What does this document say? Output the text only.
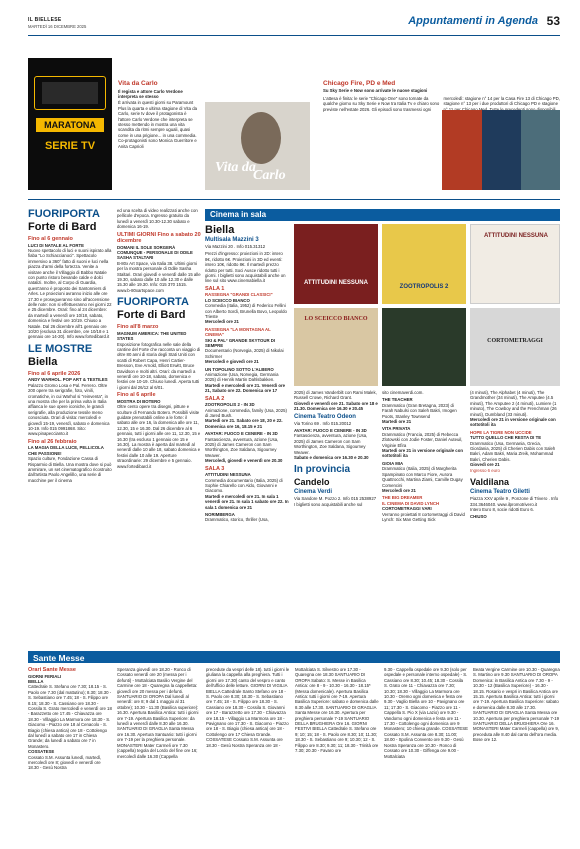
IL BIELLESE
MARTEDÌ 16 DICEMBRE 2025	Appuntamenti in Agenda 53
MARATONA
SERIE TV
Vita da Carlo
Il regista e attore Carlo Verdone interpreta se stesso
È arrivata in questi giorni su Paramount Plus la quarta e ultima stagione di Vita da Carlo, serie tv dove il protagonista è l'attore Carlo Verdone che interpreta se stesso mettendo in mostra una vita scandita da ritmi sempre uguali, quasi come in una prigione... in una commedia. Co-protagonisti sono Monica Guerritore e Anita Caprioli
Vita da
Carlo
Chicago Fire, PD e Med
Su Sky Serie e Now sono arrivate le nuove stagioni
L'attesa è finita: le serie "Chicago One" sono tornate da qualche giorno su Sky Serie e Now tra Italia Tv e chiaro sono previste nell'estate 2026. Gli episodi sono trasmessi ogni mercoledì: stagione n° 14 per la Casa Fire 13 di Chicago PD, stagione n° 13 per i due produttori di Chicago PD e stagione
Cinema in sala
FUORIPORTA
Forte di Bard
Fino al 6 gennaio
LUCI DI NATALE AL FORTE
Nuovo spettacolo di luci e suoni ispirato alla fiaba "Lo Schiaccianoci". Spettacolo immersivo a 360° fatto di suoni e luci nella piazza d'armi della fortezza. Venite a visitare anche il Villaggio di Babbo Natale con punto ristoro bevande calde e dolci natalizi. Inoltre, al Corpo di Guardia, quest'anno è proposto dei Santonniers di Arles. Le proiezioni avranno inizio alle ore 17.30 e prosegueranno sino all'accensione delle note: non si effettueranno nei giorni 22 e 25 dicembre. Orari: fino al 24 dicembre: da martedì a venerdì ore 10/18, sabato, domenica e festivi ore 10/19. Chiuso a Natale. Dal 26 dicembre all'1 gennaio ore 10/20 (esclusa 31 dicembre, ore 10/18 e 1 gennaio ore 14-20). Info www.fortedibard.it
LE MOSTRE
Biella
Fino al 6 aprile 2026
ANDY WARHOL. POP ART & TEXTILES
Palazzo Gromo Losa e Pal. Ferrero. Oltre 200 opere tra serigrafie, foto, vinili, cromatiche, in cui Warhol si "reinventa", in una mostra che per la prima volta in Italia affianca le sue opere iconiche, le grandi serigrafie, alla produzione tessile meno conosciuta. Orari di visita: mercoledì e giovedì 15-19, venerdì, sabato e domenica 10-19. Info 015 0991868. Sito: www.pinapeccianto.it
Fino al 26 febbraio
LA MAGIA DELLA LUCE, PELLICOLA CHE PASSIONE!
Spazio culture, Fondazione Cassa di Risparmio di Biella. Una mostra dove si può ammirare, un set cinematografico ricostruito dall'artista Paolo Angelillo, una serie di macchine per il cinema
ed una scelta di video realizzati anche con pellicole d'epoca. Ingresso gratuito da lunedì a venerdì 10.30-12.30 sabato e domenica 16-19.
ULTIMI GIORNI Fino a sabato 20 dicembre
DOMANI IL SOLE SORGERÀ COMUNQUE - PERSONALE DI ODILE SASHA STALTARI
B-80x Art Space, via Italia 38. Ultimi giorni per la mostra personale di Odile Sasha Staltari. Orari giovedì e venerdì dalle 15 alle 19.30, sabato dalle 10 alle 12.30 e dalle 15.30 alle 19.30. Info: 015 370 1515. www.b-80xartspace.com
FUORIPORTA
Forte di Bard
Fino all'8 marzo
MAGNUM AMERICA: THE UNITED STATES
Esposizione fotografica nelle sale della cantine del Forte che racconta un viaggio di oltre 80 anni di storia degli Stati Uniti con scatti di Robert Capa, Henri Cartier-Bresson, Eve Arnold, Elliott Erwitt, Bruce Davidson e molti altri. Orari: da martedì a venerdì ore 10-18, sabato, domenica e festivi ore 10-19. Chiuso lunedì. Aperta tutti i giorni dal 26/12 al 6/01.
Fino al 6 aprile
MOSTRA DI BOTERO
Oltre cento opere tra disegni, pitture e sculture di Fernando Botero. Possibili visite guidate prenotabili online a le forte: il sabato alle ore 16, la domenica alle ore 11, 12.30, 15 e 16.30. Dal 26 dicembre al 6 gennaio, tutti i giorni alle ore 11, 12.30, 15 e 16.30 (tra escluso 1 gennaio ore 15 e 16.30). La mostra è aperta dal martedì al venerdì dalle 10 alle 18, sabato domenica e festivi dalle 10 alle 19. Aperture straordinarie: 29 dicembre e 5 gennaio. www.fortedibard.it
Biella
Multisala Mazzini 3
Via Mazzini 20 . Info 015.31312
Prezzi d'ingresso: proiezioni in 2D: intero 8€, ridotto 6€. Proiezioni in 3D ed eventi: intero 10€, ridotto 8€. Il martedì prezzo ridotto per tutti. Soci Ausce ridotto tutti i giorni. I biglietti sono acquistabili anche on line sul sito www.cinemabiella.it
SALA 1
RASSEGNA "GRANDI CLASSICI"
LO SCEICCO BIANCO
Commedia (Italia, 1952) di Federico Fellini con Alberto Sordi, Brunella Bovo, Leopoldo Trieste
Mercoledì ore 21
RASSEGNA "LA MONTAGNA AL CINEMA"
SKI & PAL° GRANDE SKYTOUR DI SEMPRE
Documentario (Norvegia, 2025) di Nikolai Schirmer
Mercoledì e giovedì ore 21
UN TOPOLINO SOTTO L'ALBERO
Animazione (Usa, Norvegia, Germania 2025) di Henrik Martin Dahlsbakken.
Martedì e mercoledì ore 21. Venerdì ore 21, Sabato ore 22. Domenica ore 17
SALA 2
ZOOTROPOLIS 2 - IN 3D
Animazione, commedia, family (Usa, 2025) di Jared Bush.
Martedì ore 21. Sabato ore 18, 20 e 22. Domenica ore 16, 18.15 e 21
AVATAR: FUOCO E CENERE - IN 3D
Fantascienza, avventura, azione (Usa, 2025) di James Cameron con Sam Worthington, Zoe Saldana, Sigourney Weaver.
Mercoledì, giovedì e venerdì ore 20.30
SALA 3
ATTITUDINI NESSUNA
Commedia documentario (Italia, 2025) di Sophie Chiarello con Aldo, Giovanni e Giacomo.
Martedì e mercoledì ore 21. In sala 1 venerdì ore 21. In sala 1 sabato ore 22. In sala 1 domenica ore 21
NORIMBERGA
Drammatico, storico, thriller (Usa,
ATTITUDINI NESSUNA
ZOOTROPOLIS 2
ATTITUDINI NESSUNA
LO SCEICCO BIANCO
CORTOMETRAGGI
2025) di James Vanderbilt con Rami Malek, Russell Crowe, Richard Grant.
Giovedì e venerdì ore 21. Sabato ore 18 e 21.30. Domenica ore 16.30 e 20.45
Cinema Teatro Odeon
Via Torino 69 . Info 015.20012
AVATAR: FUOCO E CENERE - IN 3D
Fantascienza, avventura, azione (Usa, 2025) di James Cameron con Sam Worthington, Zoe Saldana, Sigourney Weaver.
Sabato e domenica ore 16.30 e 20.30
In provincia
Candelo
Cinema Verdi
Via Sandore M. Pozzo 2. Info 015 2538927
I biglietti sono acquistabili anche sul
sito cinemaverdi.com.
THE TEACHER
Drammatico (Gran Bretagna, 2023) di Farah Nabulsi con Saleh Bakri, Imogen Poots, Stanley Townsend
Martedì ore 21
VITA PRIVATA
Drammatico (Francia, 2025) di Rebecca Zlotowski con Jodie Foster, Daniel Auteuil, Virginie Efira
Martedì ore 21 in versione originale con sottotitoli ita
GIOIA MIA
Drammatico (Italia, 2025) di Margherita Spampinato con Marco Fiore, Aurora Quattrocchi, Martina Ziami, Camille Dugay Comencini
Mercoledì ore 21
THE BIG DREAMER
IL CINEMA DI DAVID LYNCH
CORTOMETRAGGI VARI
Verranno proiettati 8 cortometraggi di David Lynch: Six Man Getting Sick
(4 minuti), The Alphabet (4 minuti), The Grandmother (34 minuti), The Amputee (4.5 minuti), The Amputee 2 (4 minuti), Lumiere (1 minuto), The Cowboy and the Frenchman (26 minuti), Dumbland (33 minuti).
Mercoledì ore 21 in versione originale con sottotitoli ita
HOPE LA TIGRE NON UCCIDE
TUTTO QUELLO CHE RESTA DI TE
Drammatico (Usa, Germania, Grecia, Giordania, 2025) di Cherien Dabis con Saleh Bakri, Adam Bakri, Maria Zreik, Mohammad Bakri, Cherien Dabis.
Giovedì ore 21
Ingresso 6 euro
Valdilana
Cinema Teatro Giletti
Piazza XXV aprile 9 , Ponzone di Trivero . Info 334.3646040. www.ilpromotrivero.it
Intero Euro 8, socie ridotti Euro 6.
CHIUSO
Sante Messe
Orari Sante Messe
GIORNI FERIALI
BIELLA
Cattedrale S. Stefano ore 7.30; 18.15 - S. Paolo ore 7.30 (dal mattutino); 8.30; 18.30 - S. Sebastiano ore 7.45; 18 - S. Filippo ore 8.15; 18.30 - S. Cassiano ore 18.30 - Cossila S. Grato mercoledì e venerdì ore 18 - Barazzetto ore 17.45 - Chiavazza ore 18.30 - Villaggio La Marmora ore 18.30 - S. Giacomo - Piazzo ore 18 al Cenacolo - S. Biagio (chiesa antica) ore 18 - Cottolengo dal lunedì a sabato ore 17 in Chiesa Grande; da lunedì a sabato ore 7 in Monastero.
COSSATESE
Cossato S.M. Assunta lunedì, martedì, mercoledì ore 8; giovedì e venerdì ore 18.30 - Gesù Nostra
Speranza giovedì ore 18.20 - Ronco di Cossato venerdì ore 20 (messa per i defunti) - Mottalciata Basilio Vergine del Carmine ore 18 - Quaregna la cappelletta: giovedì ore 20 messa per i defunti. SANTUARIO DI OROPA Dal lunedì al venerdì: ore 8; 9 dal 1 maggio al 31 ottobre); 10.30 - 11.30 (Basilica superiore): 16.30. Apertura Basilica Antica: tutti i giorni ore 7-19. Apertura Basilica Superiore: da lunedì a venerdì dalle 8.30 alle 16.30. SANTUARIO DI GRAGLIA Santa Messa ore 16.30. Apertura Santuario: tutti i giorni ore 7-19 per la preghiera personale. MONASTERI Mater Carmeli ore 7.30 (cappella) tegola del Lordo del fine ore 16; mercoledì dalle 16.30 (Cappella
precedute da vespri delle 18). tutti i giorni le giuliana la cappella alla preghiera. Tutti i giorni ore 17.30) canto del vespro e canto dell'ufficio delle letture. GIORNI DI VIGILIA BIELLA Cattedrale Santo Stefano ore 18 - S. Paolo ore 8.30; 18.30 - S. Sebastiano ore 7.45; 18 - S. Filippo ore 18.30 - S. Cassiano ore 18.30 - Cossila S. Giovanni ore 17 - Barazzetto ore 17.30 - Chiavazza ore 18.15 - Villaggio La Marmora ore 18 - Pavignano ore 17.30 - S. Giacomo - Piazzo ore 18 - S. Biagio (chiesa antica) ore 18 - Cottolengo ore 17 Chiesa Grande. COSSATESE Cossato S.M. Assunta ore 18.30 - Gesù Nostra Speranza ore 18 -
Mottalciata S. Silvestro ore 17.30 - Quaregna ore 18.30 SANTUARIO DI OROPA Sabato: S. Messe in Basilica Antica: ore 8 - 9 - 10.30 - 16.30 - 18.15* (Messa domenicale). Apertura Basilica Antica: tutti i giorni ore 7-19. Apertura Basilica Superiore: sabato e domenica dalle 8.30 alle 17.30. SANTUARIO DI GRAGLIA Santa Messe ore 16.30. Apertura per preghiera personale 7-19 SANTUARIO DELLA BRUGHIERA Ore 16. GIORNI FESTIVI BIELLA Cattedrale S. Stefano ore 9; 10; 15; 18 - S. Paolo ore 8.30; 10; 11.30; 18.30 - S. Sebastiano ore 9; 10.30; 12 - S. Filippo ore 8.30; 9.30; 11; 18.30 - Trinità ore 7.30; 20.30 - Favaro ore
9.30 - Cappella ospedale ore 9.30 (solo per ospedale e personale interno ospedale) - S. Cassiano ore 8.30; 10.45; 18.30 - Cossila S. Grato ore 11 - Chiavazza ore 7.30; 10.30; 18.30 - Villaggio La Marmora ore 10.30 - Oremo ogni domenica e festa ore 9.30 - Vaglio Biella ore 10 - Pavignano ore 11; 17.30 - S. Giacomo - Piazzo ore 11 - Cappella S. Pio X (via Lazio) ore 9.30 - Vandorno ogni domenica e festa ore 11 - 17.30 - Cottolengo ogni domenica ore 9 Monastero; 10 chiesa grande. COSSATESE Cossato S.M. Assunta ore 8.30; 11.00; 18.00 - Spolina Convento ore 9.30 - Gesù Nostra Speranza ore 10.30 - Ronco di Cossato ore 10.30 - Giffenga ore 9.00 - Mottalciata
Beata Vergine Carmine ore 10.30 - Quaregna S. Martino ore 9.30 SANTUARIO DI OROPA Domenica: in Basilica Antica ore 7.30 - 9 - 10.30 - 12 (Basilica Superiore) - 16.30 - 18.15. Rosario e vespri in Basilica Antica ore 15.15. Apertura Basilica Antica: tutti i giorni ore 7-19. Apertura Basilica Superiore: sabato e domenica dalle 8.30 alle 17.30. SANTUARIO DI GRAGLIA Santa Messa ore 10.30. Apertura per preghiera personale 7-19 SANTUARIO DELLA BRUGHIERA Ore 16. MONASTERI Mater Carmeli (cappella) ore 9, preceduta alle 8.40 dal canto dell'ora media. Bose ore 12.
